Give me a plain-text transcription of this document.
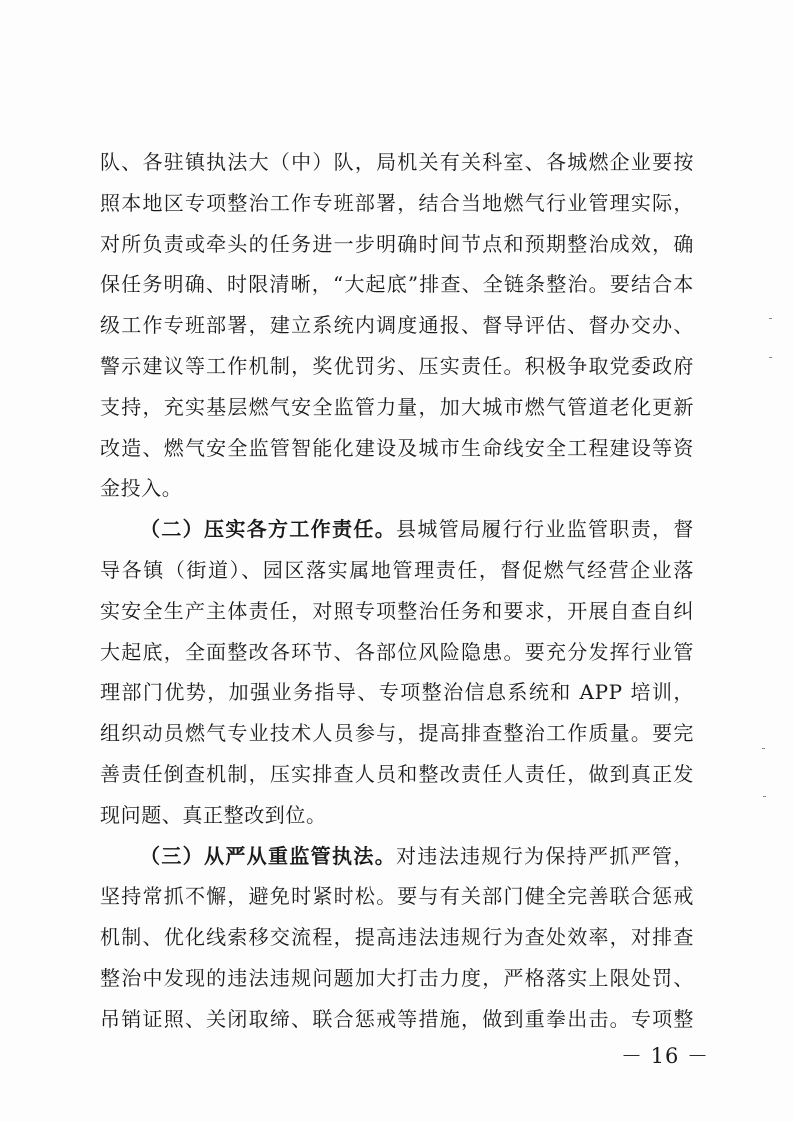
队、各驻镇执法大（中）队，局机关有关科室、各城燃企业要按
照本地区专项整治工作专班部署，结合当地燃气行业管理实际，
对所负责或牵头的任务进一步明确时间节点和预期整治成效，确
保任务明确、时限清晰，“大起底”排查、全链条整治。要结合本
级工作专班部署，建立系统内调度通报、督导评估、督办交办、
警示建议等工作机制，奖优罚劣、压实责任。积极争取党委政府
支持，充实基层燃气安全监管力量，加大城市燃气管道老化更新
改造、燃气安全监管智能化建设及城市生命线安全工程建设等资
金投入。
（二）压实各方工作责任。县城管局履行行业监管职责，督
导各镇（街道）、园区落实属地管理责任，督促燃气经营企业落
实安全生产主体责任，对照专项整治任务和要求，开展自查自纠
大起底，全面整改各环节、各部位风险隐患。要充分发挥行业管
理部门优势，加强业务指导、专项整治信息系统和 APP 培训，
组织动员燃气专业技术人员参与，提高排查整治工作质量。要完
善责任倒查机制，压实排查人员和整改责任人责任，做到真正发
现问题、真正整改到位。
（三）从严从重监管执法。对违法违规行为保持严抓严管，
坚持常抓不懈，避免时紧时松。要与有关部门健全完善联合惩戒
机制、优化线索移交流程，提高违法违规行为查处效率，对排查
整治中发现的违法违规问题加大打击力度，严格落实上限处罚、
吊销证照、关闭取缔、联合惩戒等措施，做到重拳出击。专项整
－ 16 －
